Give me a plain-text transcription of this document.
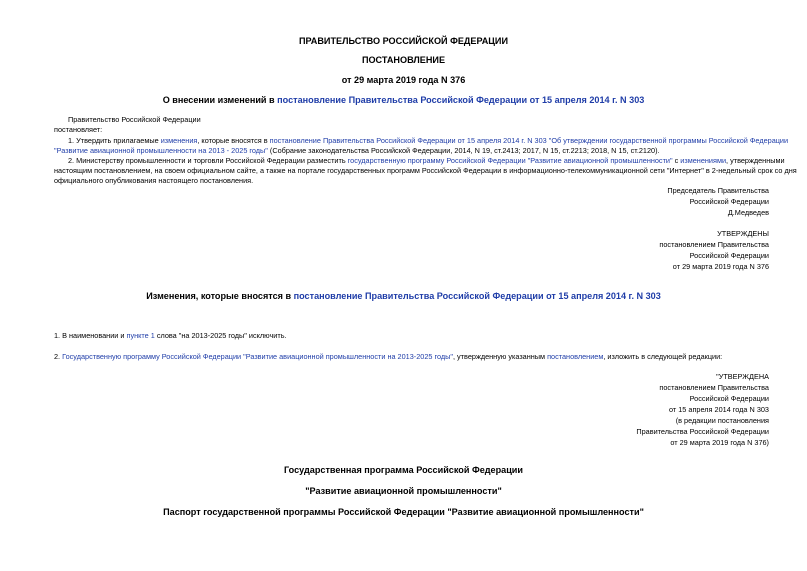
ПРАВИТЕЛЬСТВО РОССИЙСКОЙ ФЕДЕРАЦИИ
ПОСТАНОВЛЕНИЕ
от 29 марта 2019 года N 376
О внесении изменений в постановление Правительства Российской Федерации от 15 апреля 2014 г. N 303
Правительство Российской Федерации
постановляет:
1. Утвердить прилагаемые изменения, которые вносятся в постановление Правительства Российской Федерации от 15 апреля 2014 г. N 303 "Об утверждении государственной программы Российской Федерации
"Развитие авиационной промышленности на 2013 - 2025 годы" (Собрание законодательства Российской Федерации, 2014, N 19, ст.2413; 2017, N 15, ст.2213; 2018, N 15, ст.2120).
2. Министерству промышленности и торговли Российской Федерации разместить государственную программу Российской Федерации "Развитие авиационной промышленности" с изменениями, утвержденными
настоящим постановлением, на своем официальном сайте, а также на портале государственных программ Российской Федерации в информационно-телекоммуникационной сети "Интернет" в 2-недельный срок со дня
официального опубликования настоящего постановления.
Председатель Правительства
Российской Федерации
Д.Медведев
УТВЕРЖДЕНЫ
постановлением Правительства
Российской Федерации
от 29 марта 2019 года N 376
Изменения, которые вносятся в постановление Правительства Российской Федерации от 15 апреля 2014 г. N 303
1. В наименовании и пункте 1 слова "на 2013-2025 годы" исключить.
2. Государственную программу Российской Федерации "Развитие авиационной промышленности на 2013-2025 годы", утвержденную указанным постановлением, изложить в следующей редакции:
"УТВЕРЖДЕНА
постановлением Правительства
Российской Федерации
от 15 апреля 2014 года N 303
(в редакции постановления
Правительства Российской Федерации
от 29 марта 2019 года N 376)
Государственная программа Российской Федерации
"Развитие авиационной промышленности"
Паспорт государственной программы Российской Федерации "Развитие авиационной промышленности"
